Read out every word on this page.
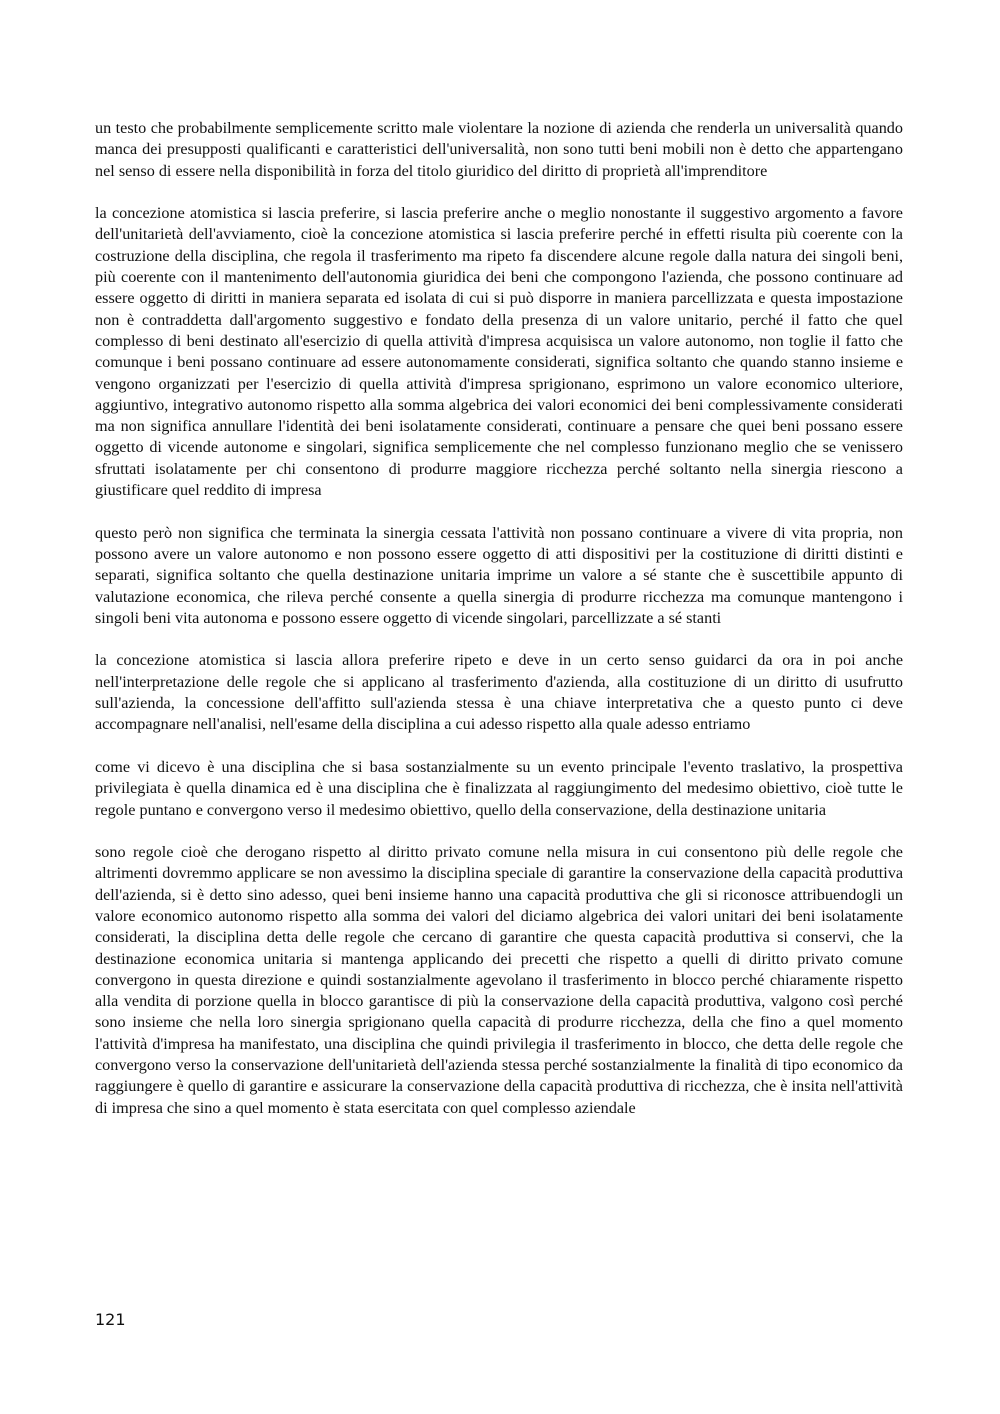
un testo che probabilmente semplicemente scritto male violentare la nozione di azienda che renderla un universalità quando manca dei presupposti qualificanti e caratteristici dell'universalità, non sono tutti beni mobili non è detto che appartengano nel senso di essere nella disponibilità in forza del titolo giuridico del diritto di proprietà all'imprenditore

la concezione atomistica si lascia preferire, si lascia preferire anche o meglio nonostante il suggestivo argomento a favore dell'unitarietà dell'avviamento, cioè la concezione atomistica si lascia preferire perché in effetti risulta più coerente con la costruzione della disciplina, che regola il trasferimento ma ripeto fa discendere alcune regole dalla natura dei singoli beni, più coerente con il mantenimento dell'autonomia giuridica dei beni che compongono l'azienda, che possono continuare ad essere oggetto di diritti in maniera separata ed isolata di cui si può disporre in maniera parcellizzata e questa impostazione non è contraddetta dall'argomento suggestivo e fondato della presenza di un valore unitario, perché il fatto che quel complesso di beni destinato all'esercizio di quella attività d'impresa acquisisca un valore autonomo, non toglie il fatto che comunque i beni possano continuare ad essere autonomamente considerati, significa soltanto che quando stanno insieme e vengono organizzati per l'esercizio di quella attività d'impresa sprigionano, esprimono un valore economico ulteriore, aggiuntivo, integrativo autonomo rispetto alla somma algebrica dei valori economici dei beni complessivamente considerati ma non significa annullare l'identità dei beni isolatamente considerati, continuare a pensare che quei beni possano essere oggetto di vicende autonome e singolari, significa semplicemente che nel complesso funzionano meglio che se venissero sfruttati isolatamente per chi consentono di produrre maggiore ricchezza perché soltanto nella sinergia riescono a giustificare quel reddito di impresa

questo però non significa che terminata la sinergia cessata l'attività non possano continuare a vivere di vita propria, non possono avere un valore autonomo e non possono essere oggetto di atti dispositivi per la costituzione di diritti distinti e separati, significa soltanto che quella destinazione unitaria imprime un valore a sé stante che è suscettibile appunto di valutazione economica, che rileva perché consente a quella sinergia di produrre ricchezza ma comunque mantengono i singoli beni vita autonoma e possono essere oggetto di vicende singolari, parcellizzate a sé stanti

la concezione atomistica si lascia allora preferire ripeto e deve in un certo senso guidarci da ora in poi anche nell'interpretazione delle regole che si applicano al trasferimento d'azienda, alla costituzione di un diritto di usufrutto sull'azienda, la concessione dell'affitto sull'azienda stessa è una chiave interpretativa che a questo punto ci deve accompagnare nell'analisi, nell'esame della disciplina a cui adesso rispetto alla quale adesso entriamo

come vi dicevo è una disciplina che si basa sostanzialmente su un evento principale l'evento traslativo, la prospettiva privilegiata è quella dinamica ed è una disciplina che è finalizzata al raggiungimento del medesimo obiettivo, cioè tutte le regole puntano e convergono verso il medesimo obiettivo, quello della conservazione, della destinazione unitaria

sono regole cioè che derogano rispetto al diritto privato comune nella misura in cui consentono più delle regole che altrimenti dovremmo applicare se non avessimo la disciplina speciale di garantire la conservazione della capacità produttiva dell'azienda, si è detto sino adesso, quei beni insieme hanno una capacità produttiva che gli si riconosce attribuendogli un valore economico autonomo rispetto alla somma dei valori del diciamo algebrica dei valori unitari dei beni isolatamente considerati, la disciplina detta delle regole che cercano di garantire che questa capacità produttiva si conservi, che la destinazione economica unitaria si mantenga applicando dei precetti che rispetto a quelli di diritto privato comune convergono in questa direzione e quindi sostanzialmente agevolano il trasferimento in blocco perché chiaramente rispetto alla vendita di porzione quella in blocco garantisce di più la conservazione della capacità produttiva, valgono così perché sono insieme che nella loro sinergia sprigionano quella capacità di produrre ricchezza, della che fino a quel momento l'attività d'impresa ha manifestato, una disciplina che quindi privilegia il trasferimento in blocco, che detta delle regole che convergono verso la conservazione dell'unitarietà dell'azienda stessa perché sostanzialmente la finalità di tipo economico da raggiungere è quello di garantire e assicurare la conservazione della capacità produttiva di ricchezza, che è insita nell'attività di impresa che sino a quel momento è stata esercitata con quel complesso aziendale

121
